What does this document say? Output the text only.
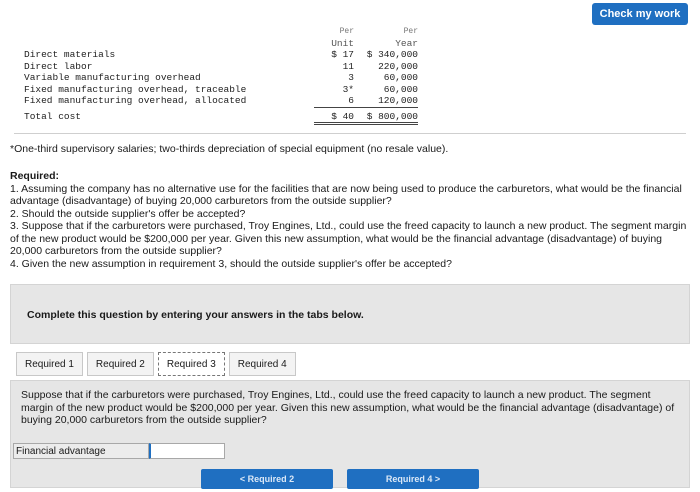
Check my work
	Per	Per
	Unit	Year
Direct materials	$ 17	$ 340,000
Direct labor	11	220,000
Variable manufacturing overhead	3	60,000
Fixed manufacturing overhead, traceable	3*	60,000
Fixed manufacturing overhead, allocated	6	120,000
Total cost	$ 40	$ 800,000
*One-third supervisory salaries; two-thirds depreciation of special equipment (no resale value).
Required:
1. Assuming the company has no alternative use for the facilities that are now being used to produce the carburetors, what would be the financial advantage (disadvantage) of buying 20,000 carburetors from the outside supplier?
2. Should the outside supplier's offer be accepted?
3. Suppose that if the carburetors were purchased, Troy Engines, Ltd., could use the freed capacity to launch a new product. The segment margin of the new product would be $200,000 per year. Given this new assumption, what would be the financial advantage (disadvantage) of buying 20,000 carburetors from the outside supplier?
4. Given the new assumption in requirement 3, should the outside supplier's offer be accepted?
Complete this question by entering your answers in the tabs below.
Required 1	Required 2	Required 3	Required 4
Suppose that if the carburetors were purchased, Troy Engines, Ltd., could use the freed capacity to launch a new product. The segment margin of the new product would be $200,000 per year. Given this new assumption, what would be the financial advantage (disadvantage) of buying 20,000 carburetors from the outside supplier?
Financial advantage
< Required 2	Required 4 >
